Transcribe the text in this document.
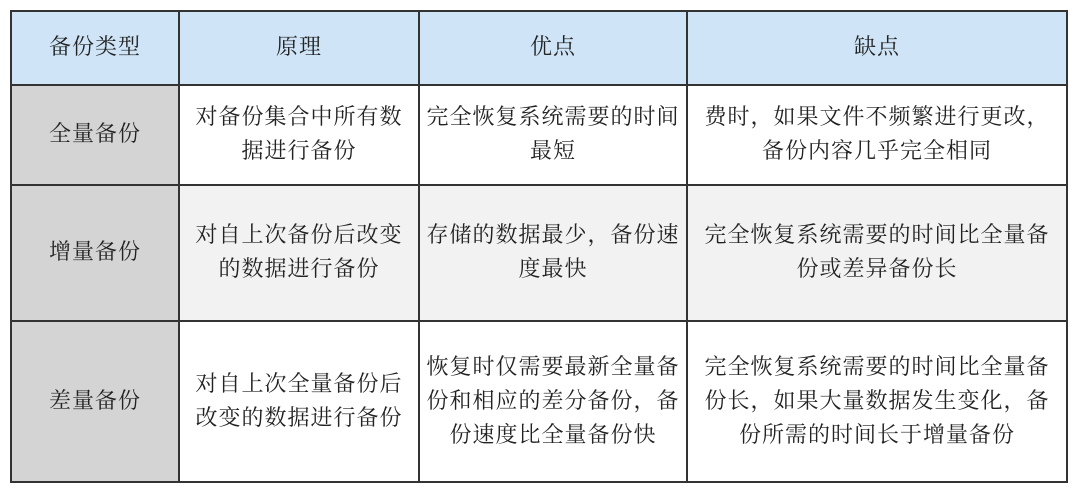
备份类型	原理	优点	缺点
全量备份	对备份集合中所有数据进行备份	完全恢复系统需要的时间最短	费时，如果文件不频繁进行更改，备份内容几乎完全相同

增量备份	对自上次备份后改变的数据进行备份	存储的数据最少，备份速度最快	完全恢复系统需要的时间比全量备份或差异备份长

差量备份	对自上次全量备份后改变的数据进行备份	恢复时仅需要最新全量备份和相应的差分备份，备份速度比全量备份快	完全恢复系统需要的时间比全量备份长，如果大量数据发生变化，备份所需的时间长于增量备份
